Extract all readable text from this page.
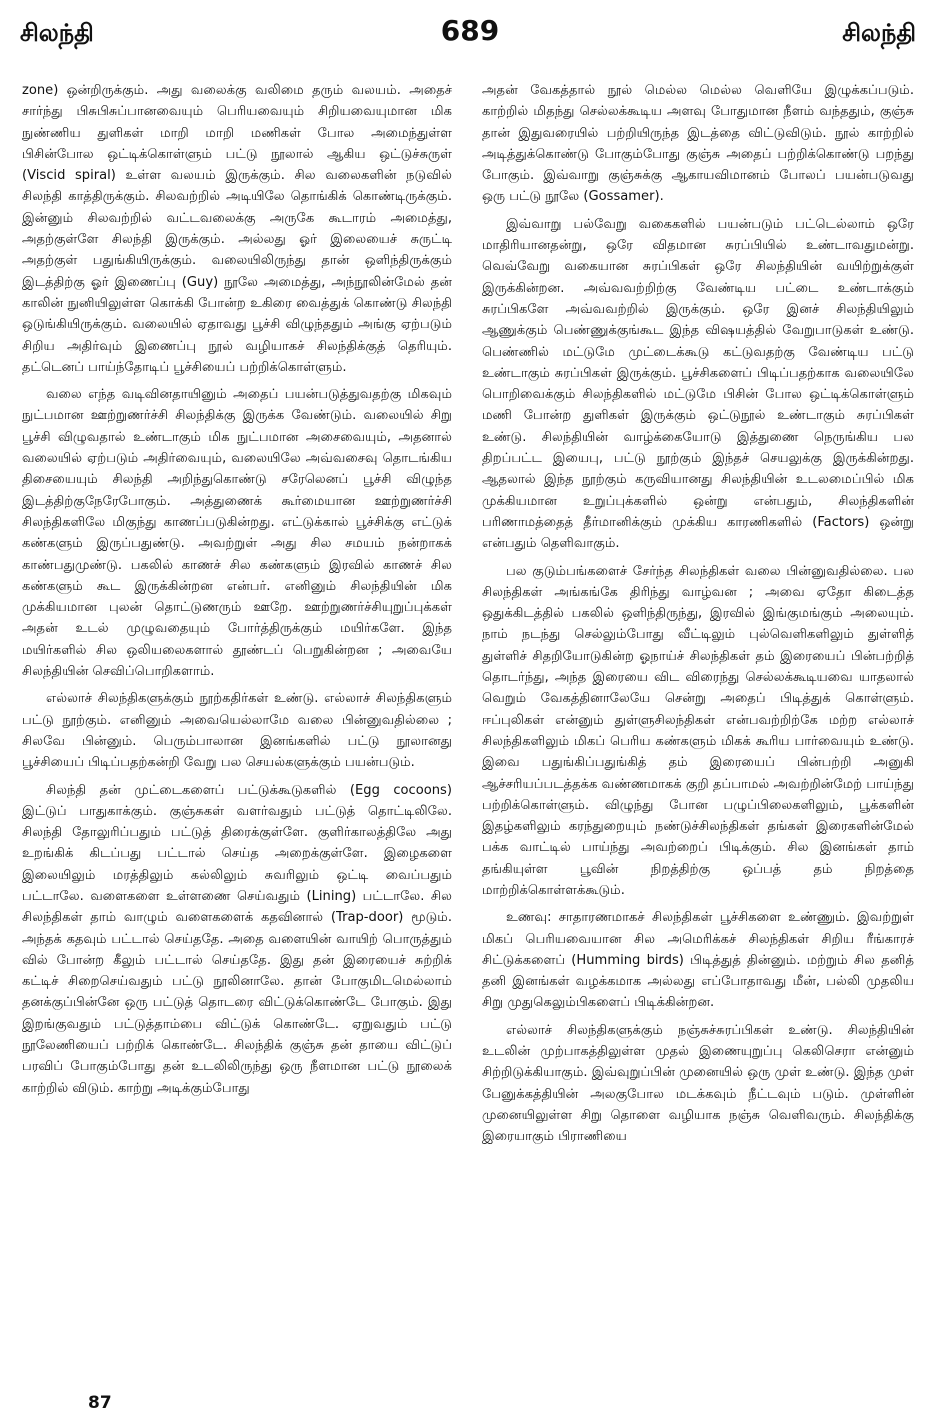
689
சிலந்தி	சிலந்தி

zone) ஒன்றிருக்கும். அது வலைக்கு வலிமை தரும் வலயம். அதைச் சார்ந்து பிசுபிசுப்பானவையும் பெரியவையும் சிறியவையுமான மிக நுண்ணிய துளிகள் மாறி மாறி மணிகள் போல அமைந்துள்ள பிசின்போல ஒட்டிக்கொள்ளும் பட்டு நூலால் ஆகிய ஒட்டுச்சுருள் (Viscid spiral) உள்ள வலயம் இருக்கும். சில வலைகளின் நடுவில் சிலந்தி காத்திருக்கும். சிலவற்றில் அடியிலே தொங்கிக் கொண்டிருக்கும். இன்னும் சிலவற்றில் வட்டவலைக்கு அருகே கூடாரம் அமைத்து, அதற்குள்ளே சிலந்தி இருக்கும். அல்லது ஓர் இலையைச் சுருட்டி அதற்குள் பதுங்கியிருக்கும். வலையிலிருந்து தான் ஒளிந்திருக்கும் இடத்திற்கு ஓர் இணைப்பு (Guy) நூலே அமைத்து, அந்நூலின்மேல் தன் காலின் நுனியிலுள்ள கொக்கி போன்ற உகிரை வைத்துக் கொண்டு சிலந்தி ஒடுங்கியிருக்கும். வலையில் ஏதாவது பூச்சி விழுந்ததும் அங்கு ஏற்படும் சிறிய அதிர்வும் இணைப்பு நூல் வழியாகச் சிலந்திக்குத் தெரியும். தட்டெனப் பாய்ந்தோடிப் பூச்சியைப் பற்றிக்கொள்ளும்.

வலை எந்த வடிவினதாயினும் அதைப் பயன்படுத்துவதற்கு மிகவும் நுட்பமான ஊற்றுணர்ச்சி சிலந்திக்கு இருக்க வேண்டும். வலையில் சிறு பூச்சி விழுவதால் உண்டாகும் மிக நுட்பமான அசைவையும், அதனால் வலையில் ஏற்படும் அதிர்வையும், வலையிலே அவ்வசைவு தொடங்கிய திசையையும் சிலந்தி அறிந்துகொண்டு சரேலெனப் பூச்சி விழுந்த இடத்திற்குநேரேபோகும். அத்துணைக் கூர்மையான ஊற்றுணர்ச்சி சிலந்திகளிலே மிகுந்து காணப்படுகின்றது. எட்டுக்கால் பூச்சிக்கு எட்டுக் கண்களும் இருப்பதுண்டு. அவற்றுள் அது சில சமயம் நன்றாகக் காண்பதுமுண்டு. பகலில் காணச் சில கண்களும் இரவில் காணச் சில கண்களும் கூட இருக்கின்றன என்பர். எனினும் சிலந்தியின் மிக முக்கியமான புலன் தொட்டுணரும் ஊறே. ஊற்றுணர்ச்சியுறுப்புக்கள் அதன் உடல் முழுவதையும் போர்த்திருக்கும் மயிர்களே. இந்த மயிர்களில் சில ஒலியலைகளால் தூண்டப் பெறுகின்றன ; அவையே சிலந்தியின் செவிப்பொறிகளாம்.

எல்லாச் சிலந்திகளுக்கும் நூற்கதிர்கள் உண்டு. எல்லாச் சிலந்திகளும் பட்டு நூற்கும். எனினும் அவையெல்லாமே வலை பின்னுவதில்லை ; சிலவே பின்னும். பெரும்பாலான இனங்களில் பட்டு நூலானது பூச்சியைப் பிடிப்பதற்கன்றி வேறு பல செயல்களுக்கும் பயன்படும்.

சிலந்தி தன் முட்டைகளைப் பட்டுக்கூடுகளில் (Egg cocoons) இட்டுப் பாதுகாக்கும். குஞ்சுகள் வளர்வதும் பட்டுத் தொட்டிலிலே. சிலந்தி தோலுரிப்பதும் பட்டுத் திரைக்குள்ளே. குளிர்காலத்திலே அது உறங்கிக் கிடப்பது பட்டால் செய்த அறைக்குள்ளே. இழைகளை இலையிலும் மரத்திலும் கல்லிலும் சுவரிலும் ஒட்டி வைப்பதும் பட்டாலே. வளைகளை உள்ளணை செய்வதும் (Lining) பட்டாலே. சில சிலந்திகள் தாம் வாழும் வளைகளைக் கதவினால் (Trap-door) மூடும். அந்தக் கதவும் பட்டால் செய்ததே. அதை வளையின் வாயிற் பொருத்தும் வில் போன்ற கீலும் பட்டால் செய்ததே. இது தன் இரையைச் சுற்றிக் கட்டிச் சிறைசெய்வதும் பட்டு நூலினாலே. தான் போகுமிடமெல்லாம் தனக்குப்பின்னே ஒரு பட்டுத் தொடரை விட்டுக்கொண்டே போகும். இது இறங்குவதும் பட்டுத்தாம்பை விட்டுக் கொண்டே. ஏறுவதும் பட்டு நூலேணியைப் பற்றிக் கொண்டே. சிலந்திக் குஞ்சு தன் தாயை விட்டுப் பரவிப் போகும்போது தன் உடலிலிருந்து ஒரு நீளமான பட்டு நூலைக் காற்றில் விடும். காற்று அடிக்கும்போது

அதன் வேகத்தால் நூல் மெல்ல மெல்ல வெளியே இழுக்கப்படும். காற்றில் மிதந்து செல்லக்கூடிய அளவு போதுமான நீளம் வந்ததும், குஞ்சு தான் இதுவரையில் பற்றியிருந்த இடத்தை விட்டுவிடும். நூல் காற்றில் அடித்துக்கொண்டு போகும்போது குஞ்சு அதைப் பற்றிக்கொண்டு பறந்து போகும். இவ்வாறு குஞ்சுக்கு ஆகாயவிமானம் போலப் பயன்படுவது ஒரு பட்டு நூலே (Gossamer).

இவ்வாறு பல்வேறு வகைகளில் பயன்படும் பட்டெல்லாம் ஒரே மாதிரியானதன்று, ஒரே விதமான சுரப்பியில் உண்டாவதுமன்று. வெவ்வேறு வகையான சுரப்பிகள் ஒரே சிலந்தியின் வயிற்றுக்குள் இருக்கின்றன. அவ்வவற்றிற்கு வேண்டிய பட்டை உண்டாக்கும் சுரப்பிகளே அவ்வவற்றில் இருக்கும். ஒரே இனச் சிலந்தியிலும் ஆணுக்கும் பெண்ணுக்குங்கூட இந்த விஷயத்தில் வேறுபாடுகள் உண்டு. பெண்ணில் மட்டுமே முட்டைக்கூடு கட்டுவதற்கு வேண்டிய பட்டு உண்டாகும் சுரப்பிகள் இருக்கும். பூச்சிகளைப் பிடிப்பதற்காக வலையிலே பொறிவைக்கும் சிலந்திகளில் மட்டுமே பிசின் போல ஒட்டிக்கொள்ளும் மணி போன்ற துளிகள் இருக்கும் ஒட்டுநூல் உண்டாகும் சுரப்பிகள் உண்டு. சிலந்தியின் வாழ்க்கையோடு இத்துணை நெருங்கிய பல திறப்பட்ட இயைபு, பட்டு நூற்கும் இந்தச் செயலுக்கு இருக்கின்றது. ஆதலால் இந்த நூற்கும் கருவியானது சிலந்தியின் உடலமைப்பில் மிக முக்கியமான உறுப்புக்களில் ஒன்று என்பதும், சிலந்திகளின் பரிணாமத்தைத் தீர்மானிக்கும் முக்கிய காரணிகளில் (Factors) ஒன்று என்பதும் தெளிவாகும்.

பல குடும்பங்களைச் சேர்ந்த சிலந்திகள் வலை பின்னுவதில்லை. பல சிலந்திகள் அங்கங்கே திரிந்து வாழ்வன ; அவை ஏதோ கிடைத்த ஒதுக்கிடத்தில் பகலில் ஒளிந்திருந்து, இரவில் இங்குமங்கும் அலையும். நாம் நடந்து செல்லும்போது வீட்டிலும் புல்வெளிகளிலும் துள்ளித் துள்ளிச் சிதறியோடுகின்ற ஓநாய்ச் சிலந்திகள் தம் இரையைப் பின்பற்றித் தொடர்ந்து, அந்த இரையை விட விரைந்து செல்லக்கூடியவை யாதலால் வெறும் வேகத்தினாலேயே சென்று அதைப் பிடித்துக் கொள்ளும். ஈப்புலிகள் என்னும் துள்ளுசிலந்திகள் என்பவற்றிற்கே மற்ற எல்லாச் சிலந்திகளிலும் மிகப் பெரிய கண்களும் மிகக் கூரிய பார்வையும் உண்டு. இவை பதுங்கிப்பதுங்கித் தம் இரையைப் பின்பற்றி அனுகி ஆச்சரியப்படத்தக்க வண்ணமாகக் குறி தப்பாமல் அவற்றின்மேற் பாய்ந்து பற்றிக்கொள்ளும். விழுந்து போன பழுப்பிலைகளிலும், பூக்களின் இதழ்களிலும் கரந்துறையும் நண்டுச்சிலந்திகள் தங்கள் இரைகளின்மேல் பக்க வாட்டில் பாய்ந்து அவற்றைப் பிடிக்கும். சில இனங்கள் தாம் தங்கியுள்ள பூவின் நிறத்திற்கு ஒப்பத் தம் நிறத்தை மாற்றிக்கொள்ளக்கூடும்.

உணவு: சாதாரணமாகச் சிலந்திகள் பூச்சிகளை உண்ணும். இவற்றுள் மிகப் பெரியவையான சில அமெரிக்கச் சிலந்திகள் சிறிய ரீங்காரச் சிட்டுக்களைப் (Humming birds) பிடித்துத் தின்னும். மற்றும் சில தனித் தனி இனங்கள் வழக்கமாக அல்லது எப்போதாவது மீன், பல்லி முதலிய சிறு முதுகெலும்பிகளைப் பிடிக்கின்றன.

எல்லாச் சிலந்திகளுக்கும் நஞ்சுச்சுரப்பிகள் உண்டு. சிலந்தியின் உடலின் முற்பாகத்திலுள்ள முதல் இணையுறுப்பு கெலிசெரா என்னும் சிற்றிடுக்கியாகும். இவ்வுறுப்பின் முனையில் ஒரு முள் உண்டு. இந்த முள் பேனுக்கத்தியின் அலகுபோல மடக்கவும் நீட்டவும் படும். முள்ளின் முனையிலுள்ள சிறு தொளை வழியாக நஞ்சு வெளிவரும். சிலந்திக்கு இரையாகும் பிராணியை

87
